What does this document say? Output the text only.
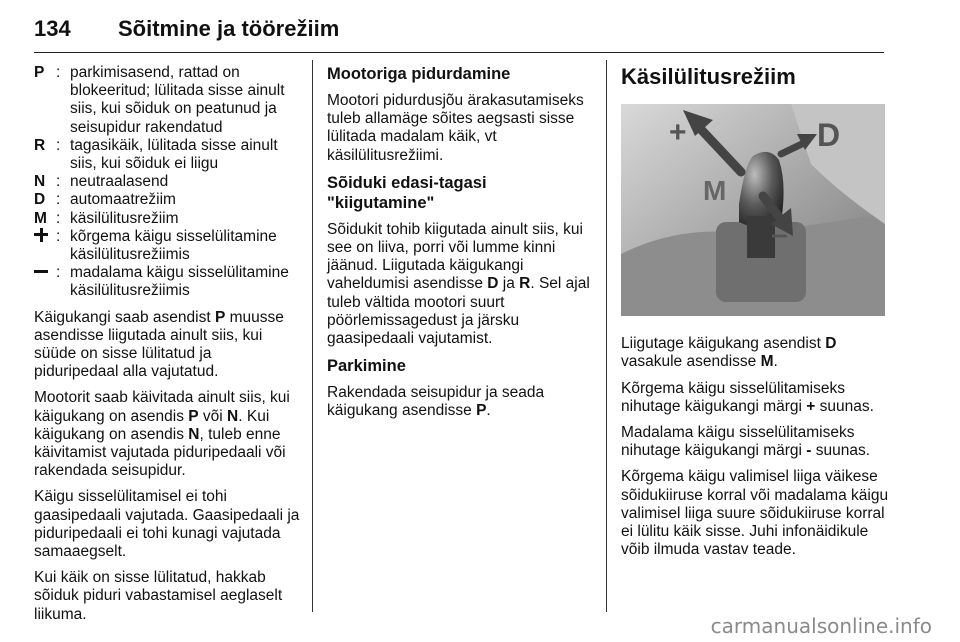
134 Sõitmine ja töörežiim
P : parkimisasend, rattad on blokeeritud; lülitada sisse ainult siis, kui sõiduk on peatunud ja seisupidur rakendatud
R : tagasikäik, lülitada sisse ainult siis, kui sõiduk ei liigu
N : neutraalasend
D : automaatrežiim
M : käsilülitusrežiim
: kõrgema käigu sisselülitamine käsilülitusrežiimis
: madalama käigu sisselülitamine käsilülitusrežiimis

Käigukangi saab asendist P muusse asendisse liigutada ainult siis, kui süüde on sisse lülitatud ja piduripedaal alla vajutatud.

Mootorit saab käivitada ainult siis, kui käigukang on asendis P või N. Kui käigukang on asendis N, tuleb enne käivitamist vajutada piduripedaali või rakendada seisupidur.

Käigu sisselülitamisel ei tohi gaasipedaali vajutada. Gaasipedaali ja piduripedaali ei tohi kunagi vajutada samaaegselt.

Kui käik on sisse lülitatud, hakkab sõiduk piduri vabastamisel aeglaselt liikuma.

Mootoriga pidurdamine

Mootori pidurdusjõu ärakasutamiseks tuleb allamäge sõites aegsasti sisse lülitada madalam käik, vt käsilülitusrežiimi.

Sõiduki edasi-tagasi "kiigutamine"

Sõidukit tohib kiigutada ainult siis, kui see on liiva, porri või lumme kinni jäänud. Liigutada käigukangi vaheldumisi asendisse D ja R. Sel ajal tuleb vältida mootori suurt pöörlemissagedust ja järsku gaasipedaali vajutamist.

Parkimine

Rakendada seisupidur ja seada käigukang asendisse P.

Käsilülitusrežiim
+	D
M
–

Liigutage käigukang asendist D vasakule asendisse M.

Kõrgema käigu sisselülitamiseks nihutage käigukangi märgi + suunas.

Madalama käigu sisselülitamiseks nihutage käigukangi märgi - suunas.

Kõrgema käigu valimisel liiga väikese sõidukiiruse korral või madalama käigu valimisel liiga suure sõidukiiruse korral ei lülitu käik sisse. Juhi infonäidikule võib ilmuda vastav teade.

carmanualsonline.info
